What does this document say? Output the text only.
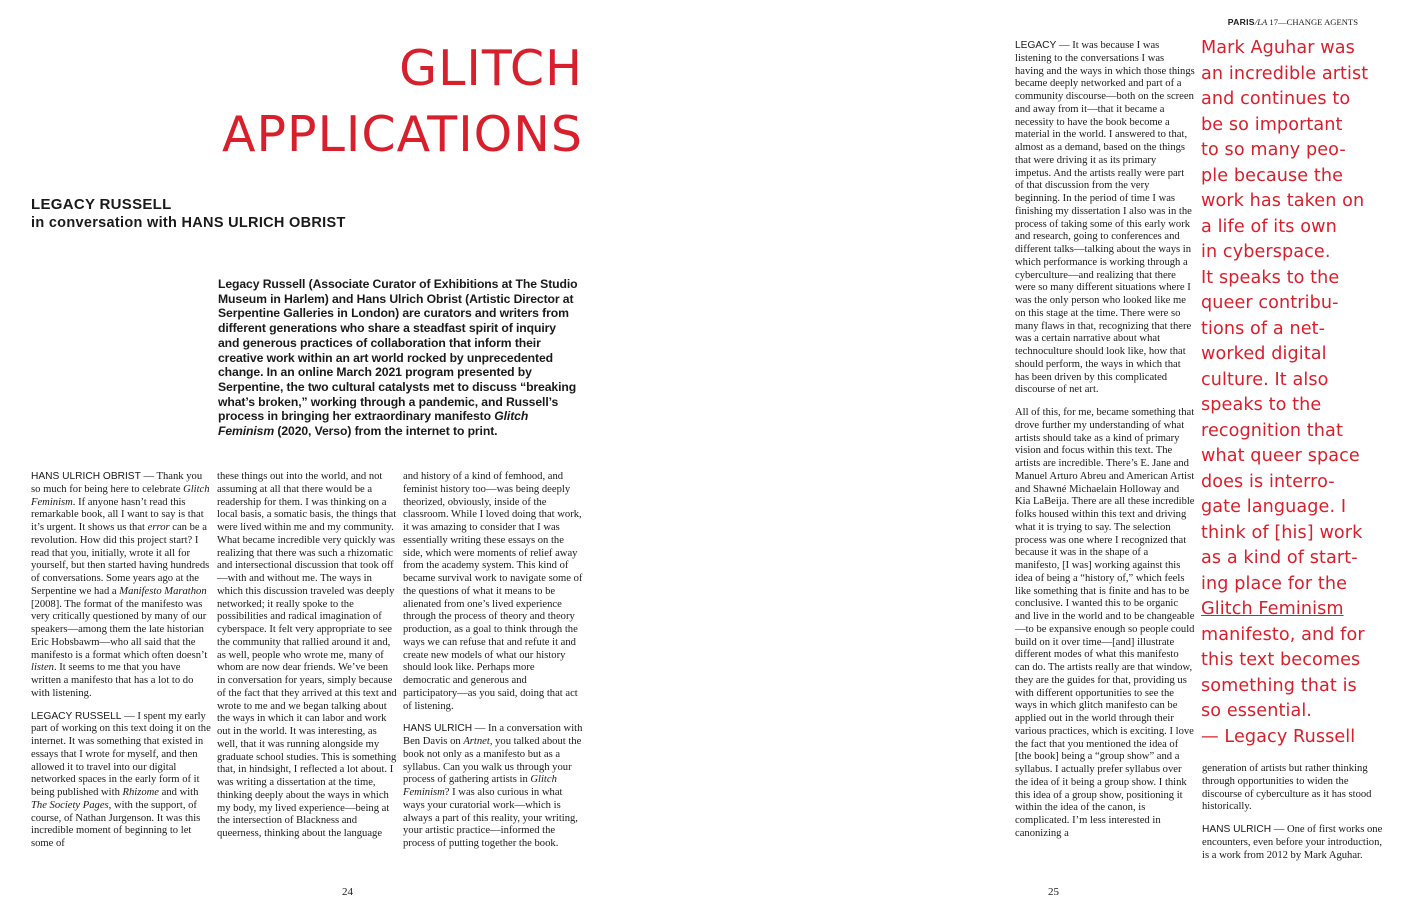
GLITCH
APPLICATIONS
LEGACY RUSSELL
in conversation with HANS ULRICH OBRIST
Legacy Russell (Associate Curator of Exhibitions at The Studio Museum in Harlem) and Hans Ulrich Obrist (Artistic Director at Serpentine Galleries in London) are curators and writers from different generations who share a steadfast spirit of inquiry and generous practices of collaboration that inform their creative work within an art world rocked by unprecedented change. In an online March 2021 program presented by Serpentine, the two cultural catalysts met to discuss “breaking what’s broken,” working through a pandemic, and Russell’s process in bringing her extraordinary manifesto Glitch Feminism (2020, Verso) from the internet to print.

HANS ULRICH OBRIST — Thank you so much for being here to celebrate Glitch Feminism. If anyone hasn’t read this remarkable book, all I want to say is that it’s urgent. It shows us that error can be a revolution. How did this project start? I read that you, initially, wrote it all for yourself, but then started having hundreds of conversations. Some years ago at the Serpentine we had a Manifesto Marathon [2008]. The format of the manifesto was very critically questioned by many of our speakers—among them the late historian Eric Hobsbawm—who all said that the manifesto is a format which often doesn’t listen. It seems to me that you have written a manifesto that has a lot to do with listening.

LEGACY RUSSELL — I spent my early part of working on this text doing it on the internet. It was something that existed in essays that I wrote for myself, and then allowed it to travel into our digital networked spaces in the early form of it being published with Rhizome and with The Society Pages, with the support, of course, of Nathan Jurgenson. It was this incredible moment of beginning to let some of

these things out into the world, and not assuming at all that there would be a readership for them. I was thinking on a local basis, a somatic basis, the things that were lived within me and my community. What became incredible very quickly was realizing that there was such a rhizomatic and intersectional discussion that took off—with and without me. The ways in which this discussion traveled was deeply networked; it really spoke to the possibilities and radical imagination of cyberspace. It felt very appropriate to see the community that rallied around it and, as well, people who wrote me, many of whom are now dear friends. We’ve been in conversation for years, simply because of the fact that they arrived at this text and wrote to me and we began talking about the ways in which it can labor and work out in the world. It was interesting, as well, that it was running alongside my graduate school studies. This is something that, in hindsight, I reflected a lot about. I was writing a dissertation at the time, thinking deeply about the ways in which my body, my lived experience—being at the intersection of Blackness and queerness, thinking about the language

and history of a kind of femhood, and feminist history too—was being deeply theorized, obviously, inside of the classroom. While I loved doing that work, it was amazing to consider that I was essentially writing these essays on the side, which were moments of relief away from the academy system. This kind of became survival work to navigate some of the questions of what it means to be alienated from one’s lived experience through the process of theory and theory production, as a goal to think through the ways we can refuse that and refute it and create new models of what our history should look like. Perhaps more democratic and generous and participatory—as you said, doing that act of listening.

HANS ULRICH — In a conversation with Ben Davis on Artnet, you talked about the book not only as a manifesto but as a syllabus. Can you walk us through your process of gathering artists in Glitch Feminism? I was also curious in what ways your curatorial work—which is always a part of this reality, your writing, your artistic practice—informed the process of putting together the book.

24
PARIS/LA 17—CHANGE AGENTS

LEGACY — It was because I was listening to the conversations I was having and the ways in which those things became deeply networked and part of a community discourse—both on the screen and away from it—that it became a necessity to have the book become a material in the world. I answered to that, almost as a demand, based on the things that were driving it as its primary impetus. And the artists really were part of that discussion from the very beginning. In the period of time I was finishing my dissertation I also was in the process of taking some of this early work and research, going to conferences and different talks—talking about the ways in which performance is working through a cyberculture—and realizing that there were so many different situations where I was the only person who looked like me on this stage at the time. There were so many flaws in that, recognizing that there was a certain narrative about what technoculture should look like, how that should perform, the ways in which that has been driven by this complicated discourse of net art.

All of this, for me, became something that drove further my understanding of what artists should take as a kind of primary vision and focus within this text. The artists are incredible. There’s E. Jane and Manuel Arturo Abreu and American Artist and Shawné Michaelain Holloway and Kia LaBeija. There are all these incredible folks housed within this text and driving what it is trying to say. The selection process was one where I recognized that because it was in the shape of a manifesto, [I was] working against this idea of being a “history of,” which feels like something that is finite and has to be conclusive. I wanted this to be organic and live in the world and to be changeable—to be expansive enough so people could build on it over time—[and] illustrate different modes of what this manifesto can do. The artists really are that window, they are the guides for that, providing us with different opportunities to see the ways in which glitch manifesto can be applied out in the world through their various practices, which is exciting. I love the fact that you mentioned the idea of [the book] being a “group show” and a syllabus. I actually prefer syllabus over the idea of it being a group show. I think this idea of a group show, positioning it within the idea of the canon, is complicated. I’m less interested in canonizing a

Mark Aguhar was
an incredible artist
and continues to
be so important
to so many peo-
ple because the
work has taken on
a life of its own
in cyberspace.
It speaks to the
queer contribu-
tions of a net-
worked digital
culture. It also
speaks to the
recognition that
what queer space
does is interro-
gate language. I
think of [his] work
as a kind of start-
ing place for the
Glitch Feminism
manifesto, and for
this text becomes
something that is
so essential.
— Legacy Russell

generation of artists but rather thinking through opportunities to widen the discourse of cyberculture as it has stood historically.

HANS ULRICH — One of first works one encounters, even before your introduction, is a work from 2012 by Mark Aguhar.

25
